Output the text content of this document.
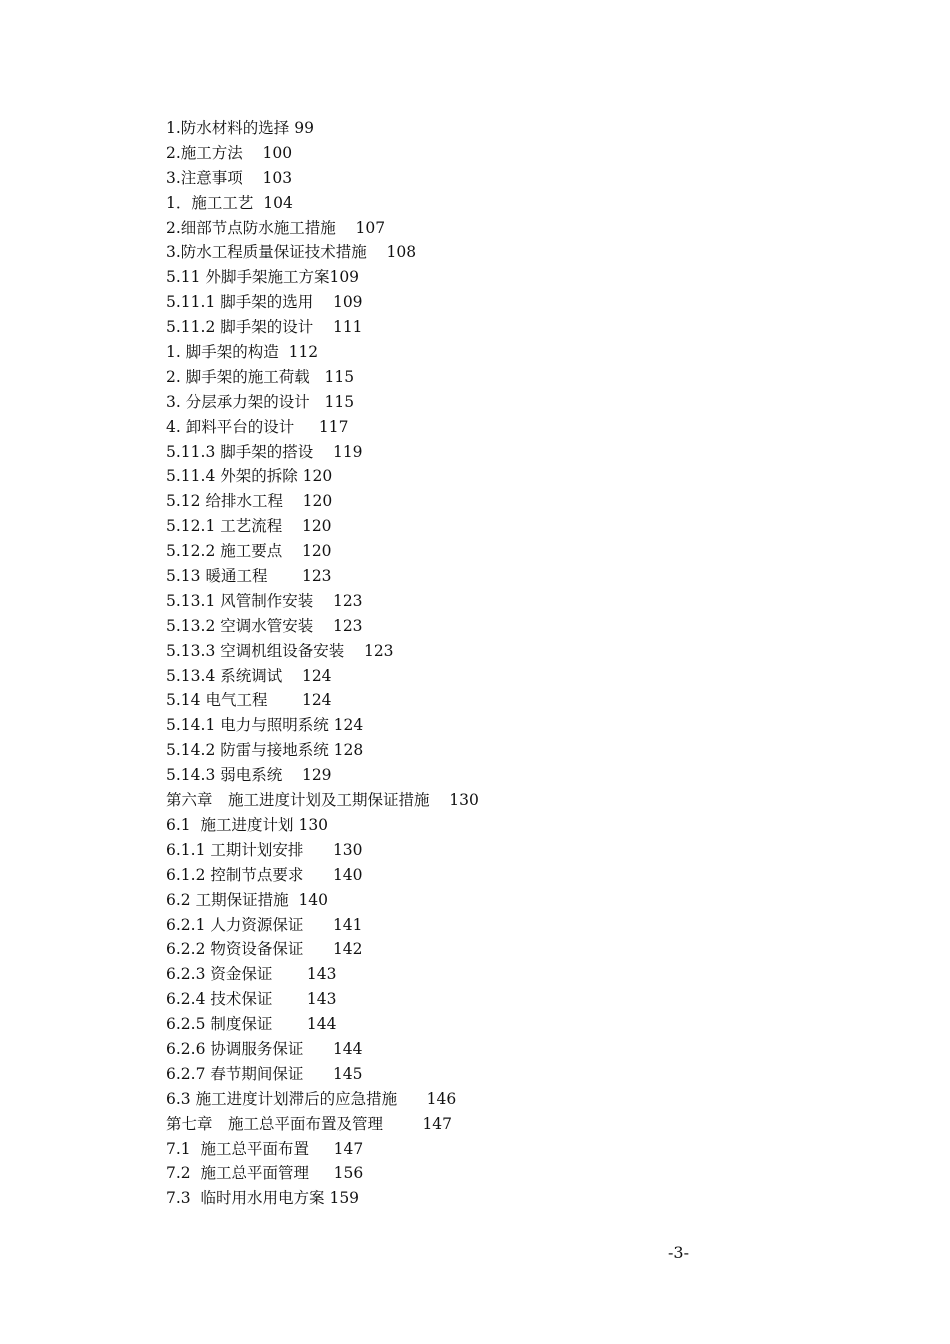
1.防水材料的选择
99
2.施工方法
100
3.注意事项
103
1．施工工艺
104
2.细部节点防水施工措施
107
3.防水工程质量保证技术措施
108
5.11 外脚手架施工方案 109
5.11.1 脚手架的选用
109
5.11.2 脚手架的设计
111
1. 脚手架的构造
112
2. 脚手架的施工荷载
115
3. 分层承力架的设计
115
4. 卸料平台的设计
117
5.11.3 脚手架的搭设
119
5.11.4 外架的拆除
120
5.12 给排水工程
120
5.12.1 工艺流程
120
5.12.2 施工要点
120
5.13 暖通工程
123
5.13.1 风管制作安装
123
5.13.2 空调水管安装
123
5.13.3 空调机组设备安装
123
5.13.4 系统调试
124
5.14 电气工程
124
5.14.1 电力与照明系统
124
5.14.2 防雷与接地系统
128
5.14.3 弱电系统
129
第六章　施工进度计划及工期保证措施
130
6.1  施工进度计划
130
6.1.1 工期计划安排
130
6.1.2 控制节点要求
140
6.2 工期保证措施
140
6.2.1 人力资源保证
141
6.2.2 物资设备保证
142
6.2.3 资金保证
143
6.2.4 技术保证
143
6.2.5 制度保证
144
6.2.6 协调服务保证
144
6.2.7 春节期间保证
145
6.3 施工进度计划滞后的应急措施
146
第七章　施工总平面布置及管理
	147
7.1  施工总平面布置
147
7.2  施工总平面管理
156
7.3  临时用水用电方案
159
-3-
